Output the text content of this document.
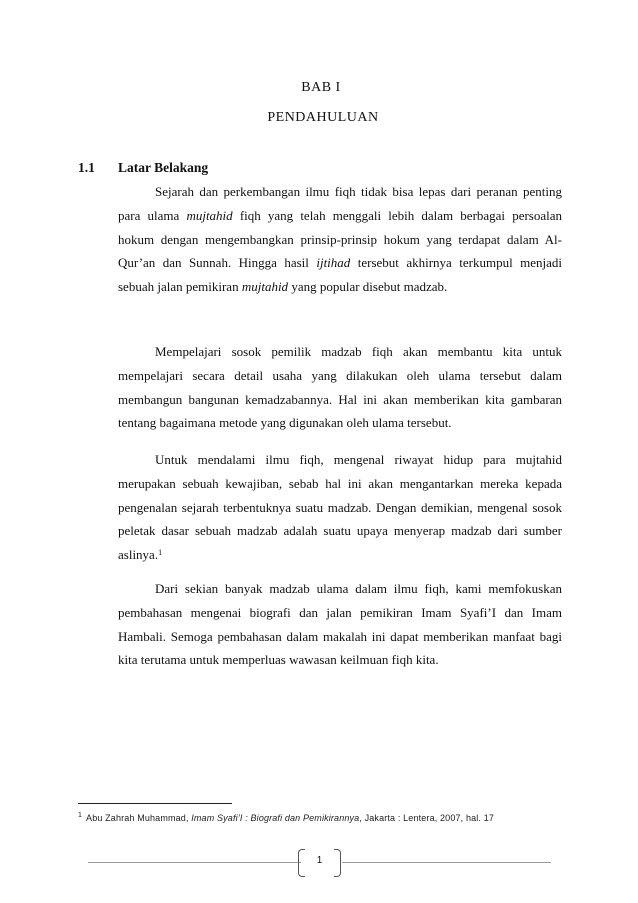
BAB I
PENDAHULUAN
1.1 Latar Belakang

Sejarah dan perkembangan ilmu fiqh tidak bisa lepas dari peranan penting para ulama mujtahid fiqh yang telah menggali lebih dalam berbagai persoalan hokum dengan mengembangkan prinsip-prinsip hokum yang terdapat dalam Al-Qur’an dan Sunnah. Hingga hasil ijtihad tersebut akhirnya terkumpul menjadi sebuah jalan pemikiran mujtahid yang popular disebut madzab.

Mempelajari sosok pemilik madzab fiqh akan membantu kita untuk mempelajari secara detail usaha yang dilakukan oleh ulama tersebut dalam membangun bangunan kemadzabannya. Hal ini akan memberikan kita gambaran tentang bagaimana metode yang digunakan oleh ulama tersebut.

Untuk mendalami ilmu fiqh, mengenal riwayat hidup para mujtahid merupakan sebuah kewajiban, sebab hal ini akan mengantarkan mereka kepada pengenalan sejarah terbentuknya suatu madzab. Dengan demikian, mengenal sosok peletak dasar sebuah madzab adalah suatu upaya menyerap madzab dari sumber aslinya.$^1$

Dari sekian banyak madzab ulama dalam ilmu fiqh, kami memfokuskan pembahasan mengenai biografi dan jalan pemikiran Imam Syafi’I dan Imam Hambali. Semoga pembahasan dalam makalah ini dapat memberikan manfaat bagi kita terutama untuk memperluas wawasan keilmuan fiqh kita.

$^1$ Abu Zahrah Muhammad, Imam Syafi’I : Biografi dan Pemikirannya, Jakarta : Lentera, 2007, hal. 17
1
